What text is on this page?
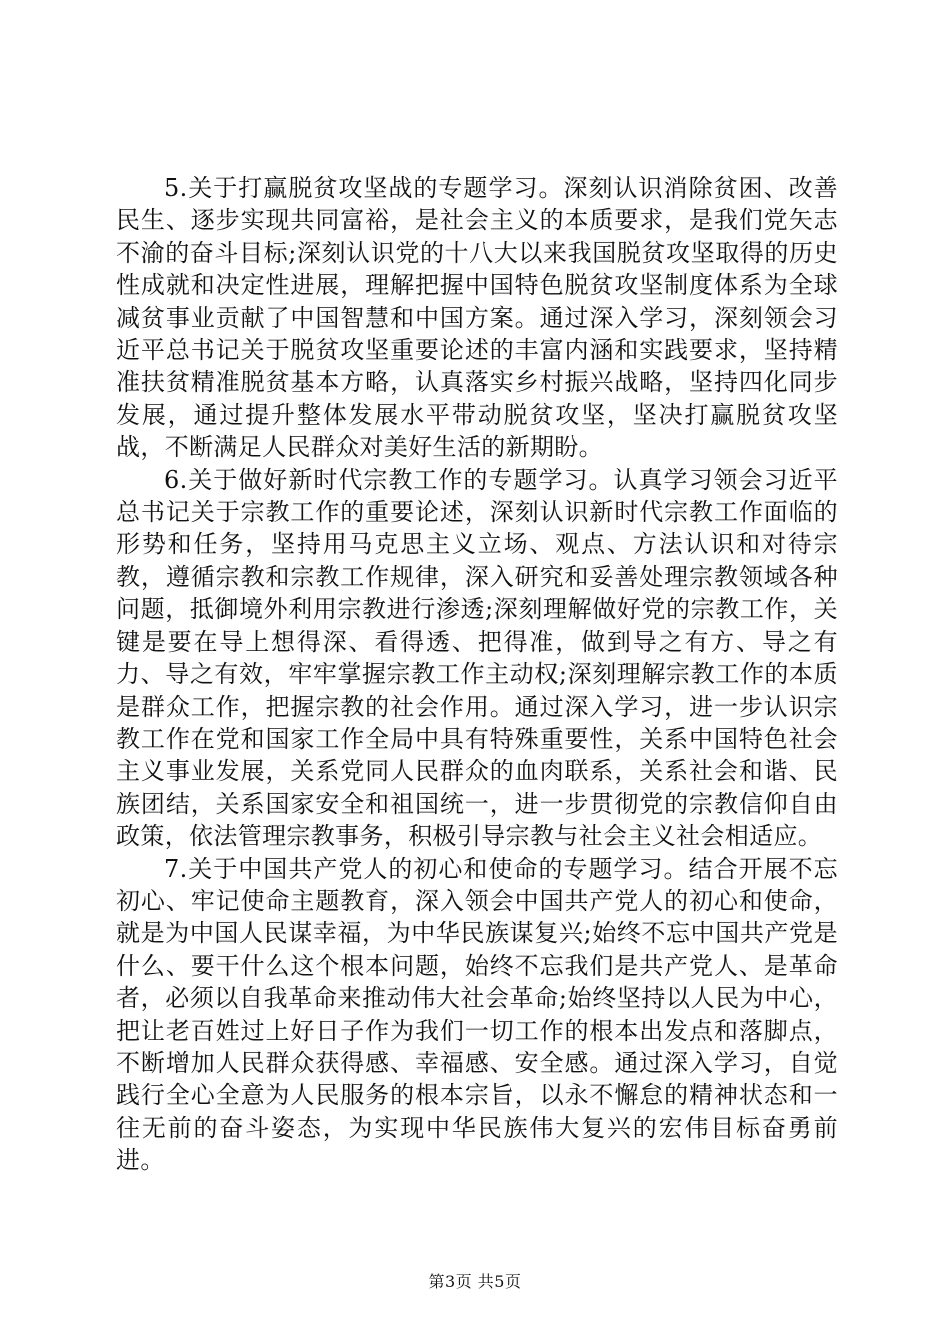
5.关于打赢脱贫攻坚战的专题学习。深刻认识消除贫困、改善民生、逐步实现共同富裕，是社会主义的本质要求，是我们党矢志不渝的奋斗目标;深刻认识党的十八大以来我国脱贫攻坚取得的历史性成就和决定性进展，理解把握中国特色脱贫攻坚制度体系为全球减贫事业贡献了中国智慧和中国方案。通过深入学习，深刻领会习近平总书记关于脱贫攻坚重要论述的丰富内涵和实践要求，坚持精准扶贫精准脱贫基本方略，认真落实乡村振兴战略，坚持四化同步发展，通过提升整体发展水平带动脱贫攻坚，坚决打赢脱贫攻坚战，不断满足人民群众对美好生活的新期盼。

6.关于做好新时代宗教工作的专题学习。认真学习领会习近平总书记关于宗教工作的重要论述，深刻认识新时代宗教工作面临的形势和任务，坚持用马克思主义立场、观点、方法认识和对待宗教，遵循宗教和宗教工作规律，深入研究和妥善处理宗教领域各种问题，抵御境外利用宗教进行渗透;深刻理解做好党的宗教工作，关键是要在导上想得深、看得透、把得准，做到导之有方、导之有力、导之有效，牢牢掌握宗教工作主动权;深刻理解宗教工作的本质是群众工作，把握宗教的社会作用。通过深入学习，进一步认识宗教工作在党和国家工作全局中具有特殊重要性，关系中国特色社会主义事业发展，关系党同人民群众的血肉联系，关系社会和谐、民族团结，关系国家安全和祖国统一，进一步贯彻党的宗教信仰自由政策，依法管理宗教事务，积极引导宗教与社会主义社会相适应。

7.关于中国共产党人的初心和使命的专题学习。结合开展不忘初心、牢记使命主题教育，深入领会中国共产党人的初心和使命，就是为中国人民谋幸福，为中华民族谋复兴;始终不忘中国共产党是什么、要干什么这个根本问题，始终不忘我们是共产党人、是革命者，必须以自我革命来推动伟大社会革命;始终坚持以人民为中心，把让老百姓过上好日子作为我们一切工作的根本出发点和落脚点，不断增加人民群众获得感、幸福感、安全感。通过深入学习，自觉践行全心全意为人民服务的根本宗旨，以永不懈怠的精神状态和一往无前的奋斗姿态，为实现中华民族伟大复兴的宏伟目标奋勇前进。

第3页 共5页
